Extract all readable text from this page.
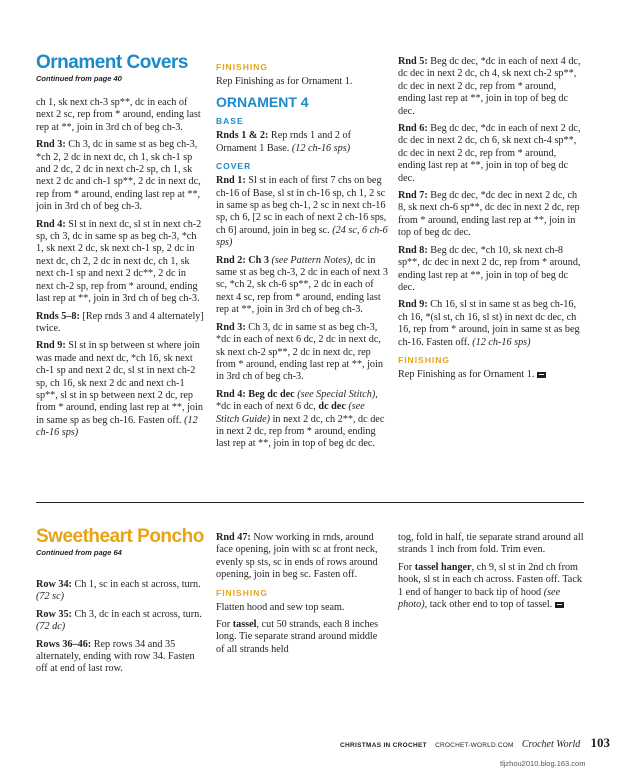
Ornament Covers
Continued from page 40

ch 1, sk next ch-3 sp**, dc in each of next 2 sc, rep from * around, ending last rep at **, join in 3rd ch of beg ch-3.

Rnd 3: Ch 3, dc in same st as beg ch-3, *ch 2, 2 dc in next dc, ch 1, sk ch-1 sp and 2 dc, 2 dc in next ch-2 sp, ch 1, sk next 2 dc and ch-1 sp**, 2 dc in next dc, rep from * around, ending last rep at **, join in 3rd ch of beg ch-3.

Rnd 4: Sl st in next dc, sl st in next ch-2 sp, ch 3, dc in same sp as beg ch-3, *ch 1, sk next 2 dc, sk next ch-1 sp, 2 dc in next dc, ch 2, 2 dc in next dc, ch 1, sk next ch-1 sp and next 2 dc**, 2 dc in next ch-2 sp, rep from * around, ending last rep at **, join in 3rd ch of beg ch-3.

Rnds 5–8: [Rep rnds 3 and 4 alternately] twice.

Rnd 9: Sl st in sp between st where join was made and next dc, *ch 16, sk next ch-1 sp and next 2 dc, sl st in next ch-2 sp, ch 16, sk next 2 dc and next ch-1 sp**, sl st in sp between next 2 dc, rep from * around, ending last rep at **, join in same sp as beg ch-16. Fasten off. (12 ch-16 sps)

FINISHING

Rep Finishing as for Ornament 1.

ORNAMENT 4
BASE

Rnds 1 & 2: Rep rnds 1 and 2 of Ornament 1 Base. (12 ch-16 sps)

COVER

Rnd 1: Sl st in each of first 7 chs on beg ch-16 of Base, sl st in ch-16 sp, ch 1, 2 sc in same sp as beg ch-1, 2 sc in next ch-16 sp, ch 6, [2 sc in each of next 2 ch-16 sps, ch 6] around, join in beg sc. (24 sc, 6 ch-6 sps)

Rnd 2: Ch 3 (see Pattern Notes), dc in same st as beg ch-3, 2 dc in each of next 3 sc, *ch 2, sk ch-6 sp**, 2 dc in each of next 4 sc, rep from * around, ending last rep at **, join in 3rd ch of beg ch-3.

Rnd 3: Ch 3, dc in same st as beg ch-3, *dc in each of next 6 dc, 2 dc in next dc, sk next ch-2 sp**, 2 dc in next dc, rep from * around, ending last rep at **, join in 3rd ch of beg ch-3.

Rnd 4: Beg dc dec (see Special Stitch), *dc in each of next 6 dc, dc dec (see Stitch Guide) in next 2 dc, ch 2**, dc dec in next 2 dc, rep from * around, ending last rep at **, join in top of beg dc dec.

Rnd 5: Beg dc dec, *dc in each of next 4 dc, dc dec in next 2 dc, ch 4, sk next ch-2 sp**, dc dec in next 2 dc, rep from * around, ending last rep at **, join in top of beg dc dec.

Rnd 6: Beg dc dec, *dc in each of next 2 dc, dc dec in next 2 dc, ch 6, sk next ch-4 sp**, dc dec in next 2 dc, rep from * around, ending last rep at **, join in top of beg dc dec.

Rnd 7: Beg dc dec, *dc dec in next 2 dc, ch 8, sk next ch-6 sp**, dc dec in next 2 dc, rep from * around, ending last rep at **, join in top of beg dc dec.

Rnd 8: Beg dc dec, *ch 10, sk next ch-8 sp**, dc dec in next 2 dc, rep from * around, ending last rep at **, join in top of beg dc dec.

Rnd 9: Ch 16, sl st in same st as beg ch-16, ch 16, *(sl st, ch 16, sl st) in next dc dec, ch 16, rep from * around, join in same st as beg ch-16. Fasten off. (12 ch-16 sps)

FINISHING

Rep Finishing as for Ornament 1.

Sweetheart Poncho
Continued from page 64

Row 34: Ch 1, sc in each st across, turn. (72 sc)

Row 35: Ch 3, dc in each st across, turn. (72 dc)

Rows 36–46: Rep rows 34 and 35 alternately, ending with row 34. Fasten off at end of last row.

Rnd 47: Now working in rnds, around face opening, join with sc at front neck, evenly sp sts, sc in ends of rows around opening, join in beg sc. Fasten off.

FINISHING

Flatten hood and sew top seam.

For tassel, cut 50 strands, each 8 inches long. Tie separate strand around middle of all strands held

tog, fold in half, tie separate strand around all strands 1 inch from fold. Trim even.

For tassel hanger, ch 9, sl st in 2nd ch from hook, sl st in each ch across. Fasten off. Tack 1 end of hanger to back tip of hood (see photo), tack other end to top of tassel.

CHRISTMAS IN CROCHET CROCHET-WORLD.COM Crochet World 103
tljzhou2010.blog.163.com
